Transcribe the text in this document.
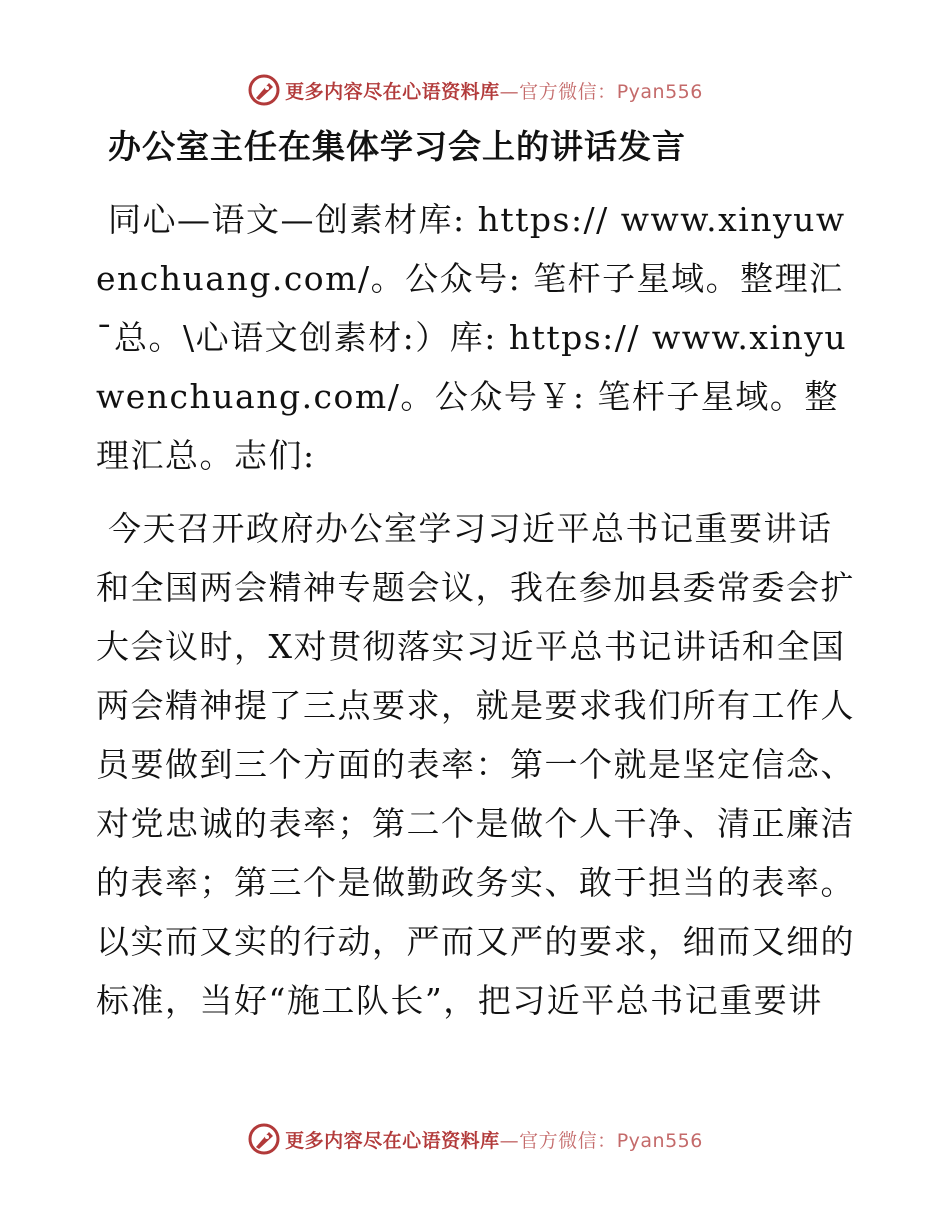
更多内容尽在心语资料库—官方微信：Pyan556
办公室主任在集体学习会上的讲话发言

同心—语文—创素材库: https:// www.xinyuwenchuang.com/。公众号: 笔杆子星域。整理汇¯总。\心语文创素材:）库: https:// www.xinyuwenchuang.com/。公众号￥: 笔杆子星域。整理汇总。志们:

今天召开政府办公室学习习近平总书记重要讲话和全国两会精神专题会议，我在参加县委常委会扩大会议时，X对贯彻落实习近平总书记讲话和全国两会精神提了三点要求，就是要求我们所有工作人员要做到三个方面的表率：第一个就是坚定信念、对党忠诚的表率；第二个是做个人干净、清正廉洁的表率；第三个是做勤政务实、敢于担当的表率。以实而又实的行动，严而又严的要求，细而又细的标准，当好“施工队长”，把习近平总书记重要讲

更多内容尽在心语资料库—官方微信：Pyan556
